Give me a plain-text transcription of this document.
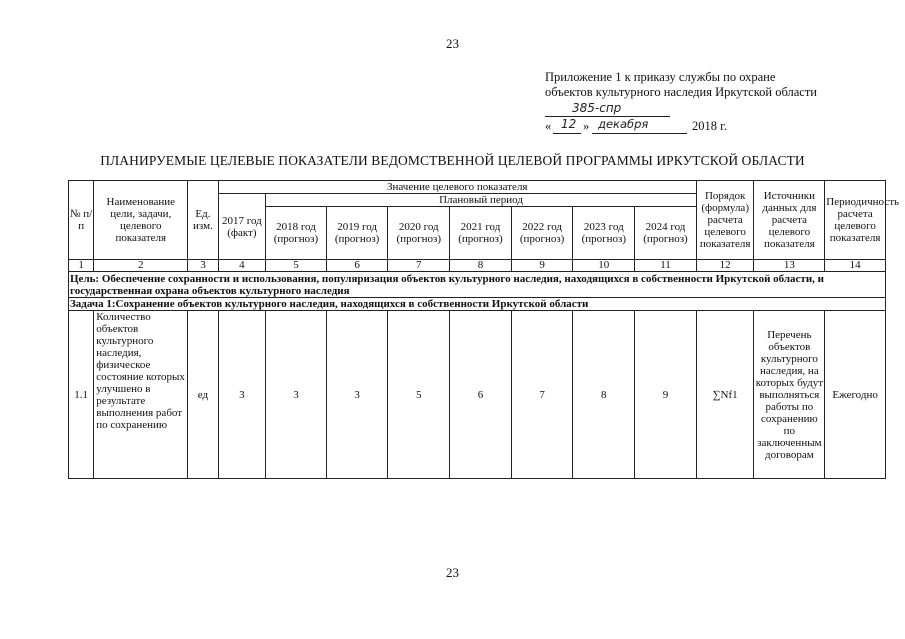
23
Приложение 1 к приказу службы по охране
объектов культурного наследия Иркутской области
385-спр
« 12 » декабря	2018 г.
ПЛАНИРУЕМЫЕ ЦЕЛЕВЫЕ ПОКАЗАТЕЛИ ВЕДОМСТВЕННОЙ ЦЕЛЕВОЙ ПРОГРАММЫ ИРКУТСКОЙ ОБЛАСТИ
№ п/п	Наименование цели, задачи, целевого показателя	Ед. изм.	Значение целевого показателя								Порядок (формула) расчета целевого показателя	Источники данных для расчета целевого показателя	Периодичность расчета целевого показателя
			2017 год (факт)	Плановый период									
				2018 год (прогноз)	2019 год (прогноз)	2020 год (прогноз)	2021 год (прогноз)	2022 год (прогноз)	2023 год (прогноз)	2024 год (прогноз)			
1	2	3	4	5	6	7	8	9	10	11	12	13	14
Цель: Обеспечение сохранности и использования, популяризация объектов культурного наследия, находящихся в собственности Иркутской области, и государственная охрана объектов культурного наследия													
Задача 1:Сохранение объектов культурного наследия, находящихся в собственности Иркутской области													
1.1	Количество объектов культурного наследия, физическое состояние которых улучшено в результате выполнения работ по сохранению	ед	3	3	3	5	6	7	8	9	∑Nf1	Перечень объектов культурного наследия, на которых будут выполняться работы по сохранению по заключенным договорам	Ежегодно
23
